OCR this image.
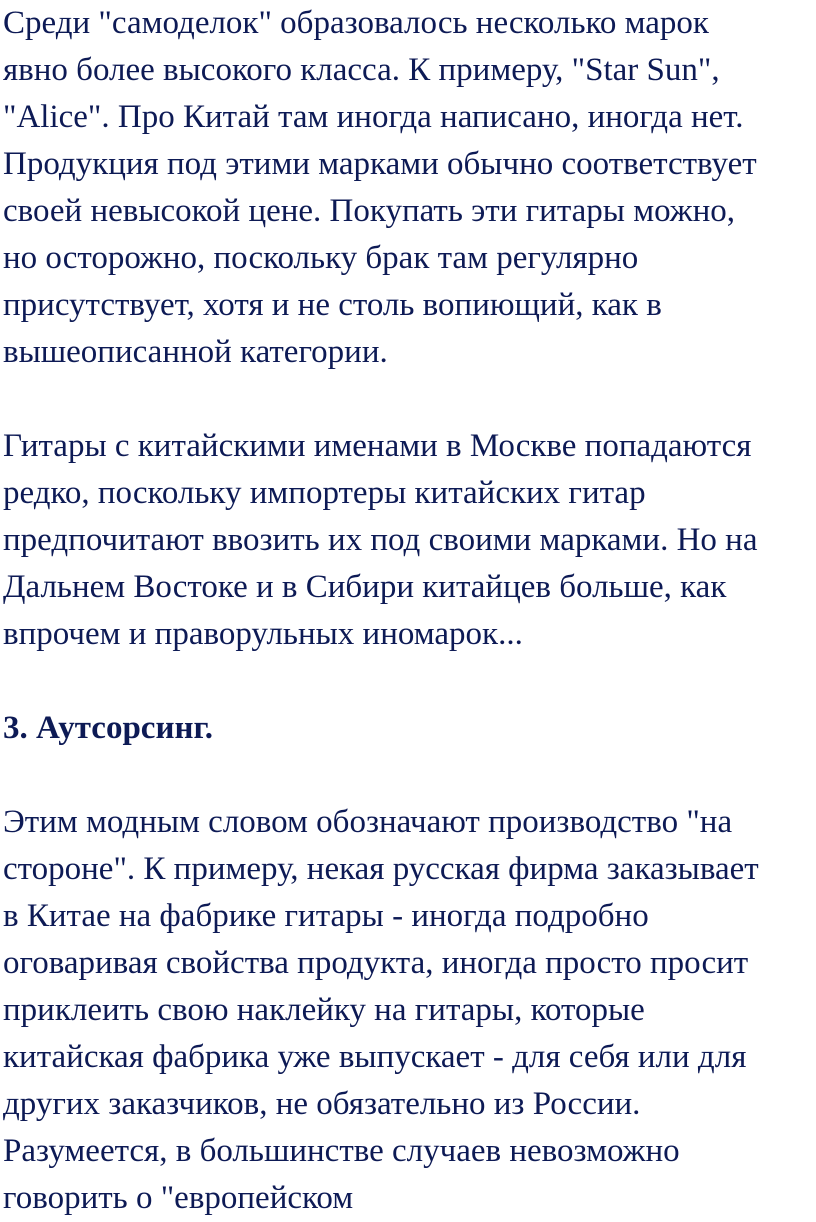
Среди "самоделок" образовалось несколько марок
явно более высокого класса. К примеру, "Star Sun",
"Alice". Про Китай там иногда написано, иногда нет.
Продукция под этими марками обычно соответствует
своей невысокой цене. Покупать эти гитары можно,
но осторожно, поскольку брак там регулярно
присутствует, хотя и не столь вопиющий, как в
вышеописанной категории.

Гитары с китайскими именами в Москве попадаются
редко, поскольку импортеры китайских гитар
предпочитают ввозить их под своими марками. Но на
Дальнем Востоке и в Сибири китайцев больше, как
впрочем и праворульных иномарок...

3. Аутсорсинг.

Этим модным словом обозначают производство "на
стороне". К примеру, некая русская фирма заказывает
в Китае на фабрике гитары - иногда подробно
оговаривая свойства продукта, иногда просто просит
приклеить свою наклейку на гитары, которые
китайская фабрика уже выпускает - для себя или для
других заказчиков, не обязательно из России.
Разумеется, в большинстве случаев невозможно
говорить о "европейском
